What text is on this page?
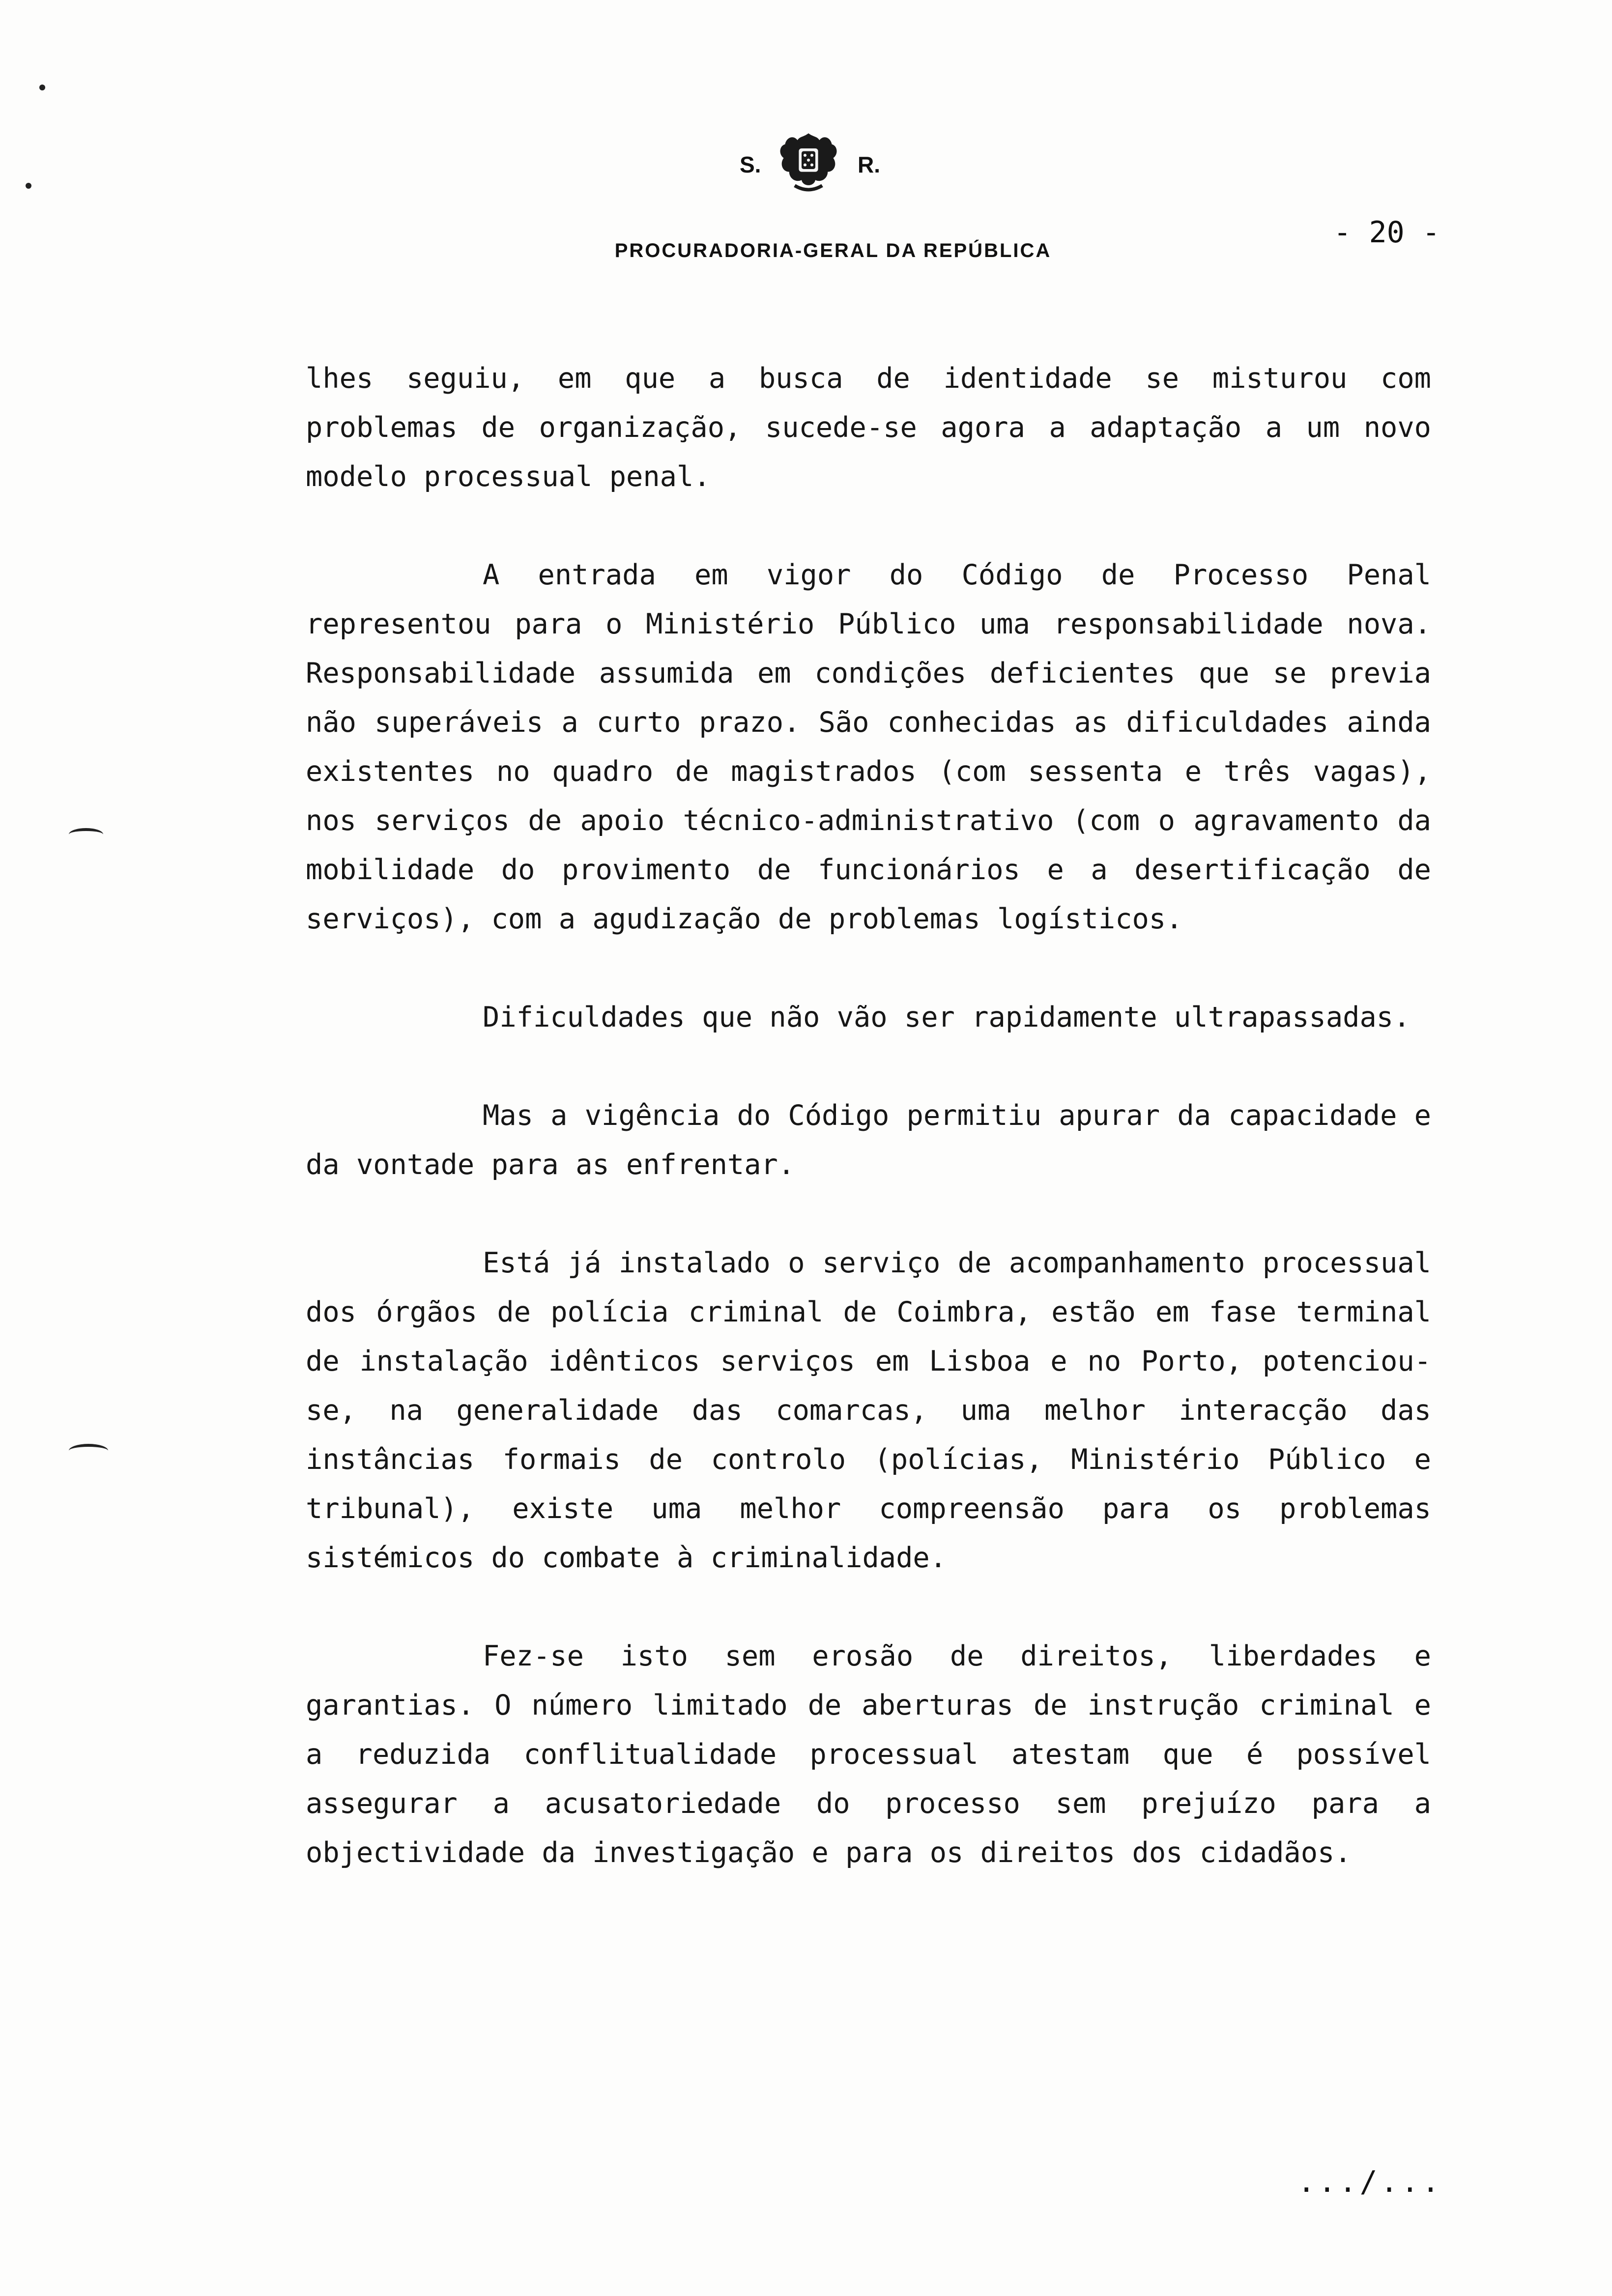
S.	R.
PROCURADORIA-GERAL DA REPÚBLICA
- 20 -

lhes seguiu, em que a busca de identidade se misturou com problemas de organização, sucede-se agora a adaptação a um novo modelo processual penal.

A entrada em vigor do Código de Processo Penal representou para o Ministério Público uma responsabilidade nova. Responsabilidade assumida em condições deficientes que se previa não superáveis a curto prazo. São conhecidas as dificuldades ainda existentes no quadro de magistrados (com sessenta e três vagas), nos serviços de apoio técnico-administrativo (com o agravamento da mobilidade do provimento de funcionários e a desertificação de serviços), com a agudização de problemas logísticos.

Dificuldades que não vão ser rapidamente ultrapassadas.

Mas a vigência do Código permitiu apurar da capacidade e da vontade para as enfrentar.

Está já instalado o serviço de acompanhamento processual dos órgãos de polícia criminal de Coimbra, estão em fase terminal de instalação idênticos serviços em Lisboa e no Porto, potenciou-se, na generalidade das comarcas, uma melhor interacção das instâncias formais de controlo (polícias, Ministério Público e tribunal), existe uma melhor compreensão para os problemas sistémicos do combate à criminalidade.

Fez-se isto sem erosão de direitos, liberdades e garantias. O número limitado de aberturas de instrução criminal e a reduzida conflitualidade processual atestam que é possível assegurar a acusatoriedade do processo sem prejuízo para a objectividade da investigação e para os direitos dos cidadãos.

.../...
